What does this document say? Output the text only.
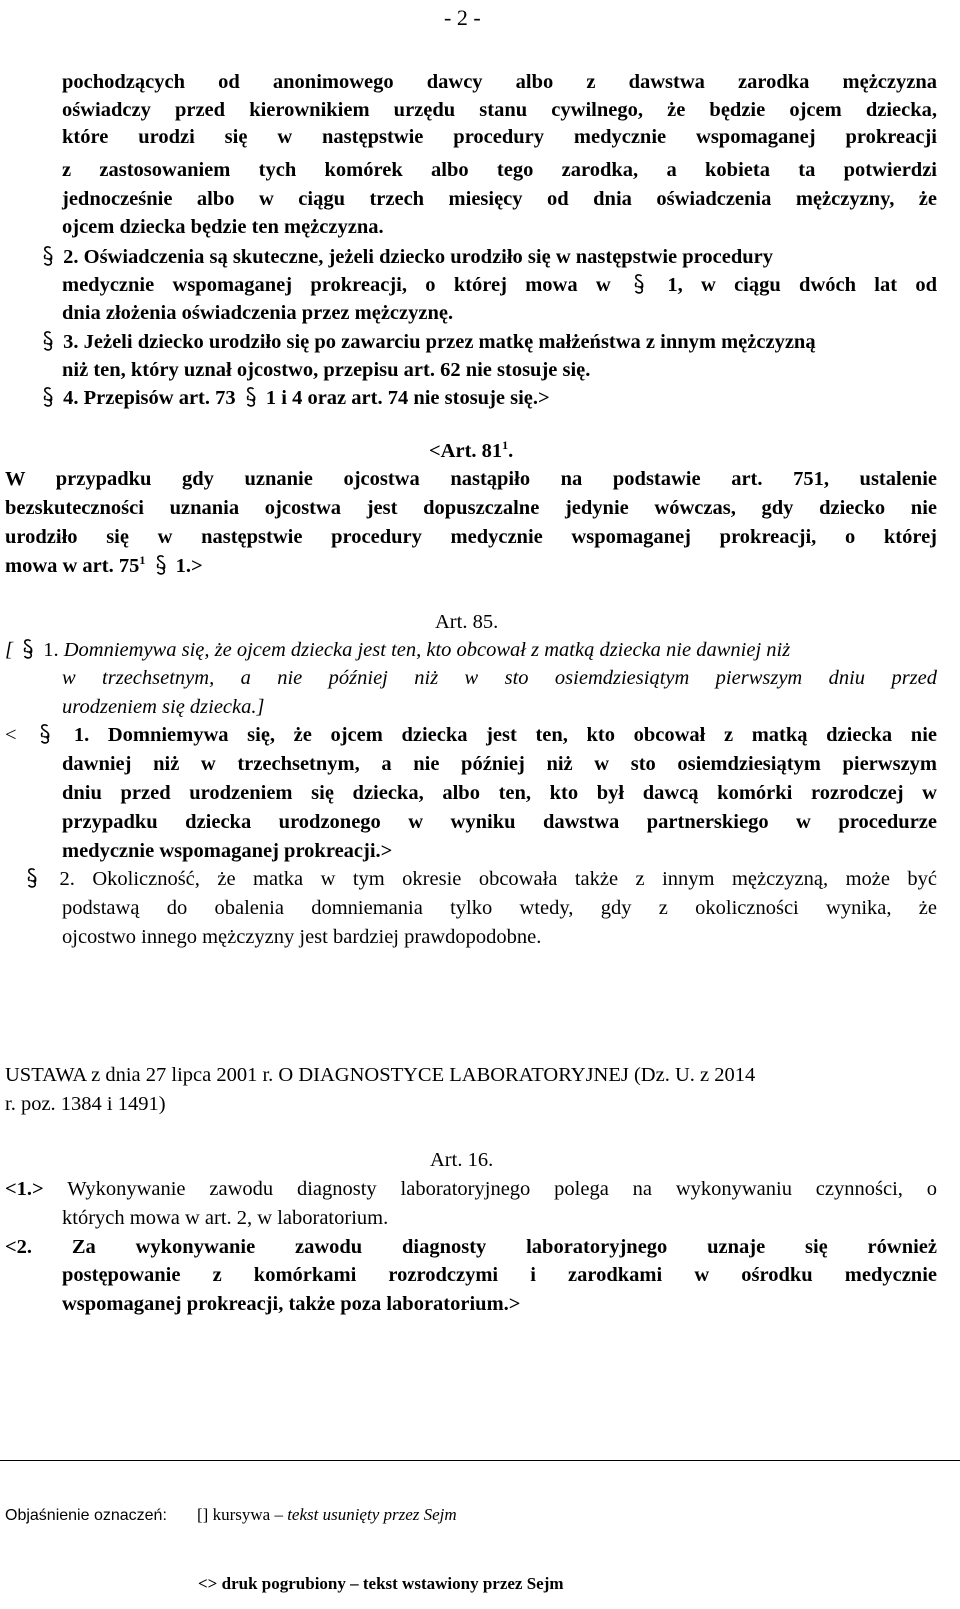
- 2 -
pochodzących od anonimowego dawcy albo z dawstwa zarodka mężczyzna
oświadczy przed kierownikiem urzędu stanu cywilnego, że będzie ojcem dziecka,
które urodzi się w następstwie procedury medycznie wspomaganej prokreacji
z zastosowaniem tych komórek albo tego zarodka, a kobieta ta potwierdzi
jednocześnie albo w ciągu trzech miesięcy od dnia oświadczenia mężczyzny, że
ojcem dziecka będzie ten mężczyzna.
2. Oświadczenia są skuteczne, jeżeli dziecko urodziło się w następstwie procedury
medycznie wspomaganej prokreacji, o której mowa w	1, w ciągu dwóch lat od
dnia złożenia oświadczenia przez mężczyznę.
3. Jeżeli dziecko urodziło się po zawarciu przez matkę małżeństwa z innym mężczyzną
niż ten, który uznał ojcostwo, przepisu art. 62 nie stosuje się.
4. Przepisów art. 73 1 i 4 oraz art. 74 nie stosuje się.>
<Art. $81^1$.
W przypadku gdy uznanie ojcostwa nastąpiło na podstawie art. 751, ustalenie
bezskuteczności uznania ojcostwa jest dopuszczalne jedynie wówczas, gdy dziecko nie
urodziło się w następstwie procedury medycznie wspomaganej prokreacji, o której
mowa w art. $75^1$ 1.>
Art. 85.
[ 1. Domniemywa się, że ojcem dziecka jest ten, kto obcował z matką dziecka nie dawniej niż
w trzechsetnym, a nie później niż w sto osiemdziesiątym pierwszym dniu przed
urodzeniem się dziecka.]
<	1. Domniemywa się, że ojcem dziecka jest ten, kto obcował z matką dziecka nie
dawniej niż w trzechsetnym, a nie później niż w sto osiemdziesiątym pierwszym
dniu przed urodzeniem się dziecka, albo ten, kto był dawcą komórki rozrodczej w
przypadku dziecka urodzonego w wyniku dawstwa partnerskiego w procedurze
medycznie wspomaganej prokreacji.>
2. Okoliczność, że matka w tym okresie obcowała także z innym mężczyzną, może być
podstawą do obalenia domniemania tylko wtedy, gdy z okoliczności wynika, że
ojcostwo innego mężczyzny jest bardziej prawdopodobne.
USTAWA z dnia 27 lipca 2001 r. O DIAGNOSTYCE LABORATORYJNEJ (Dz. U. z 2014
r. poz. 1384 i 1491)
Art. 16.
<1.> Wykonywanie zawodu diagnosty laboratoryjnego polega na wykonywaniu czynności, o
których mowa w art. 2, w laboratorium.
<2. Za wykonywanie zawodu diagnosty laboratoryjnego uznaje się również
postępowanie z komórkami rozrodczymi i zarodkami w ośrodku medycznie
wspomaganej prokreacji, także poza laboratorium.>
Objaśnienie oznaczeń: [] kursywa – tekst usunięty przez Sejm
<> druk pogrubiony – tekst wstawiony przez Sejm
